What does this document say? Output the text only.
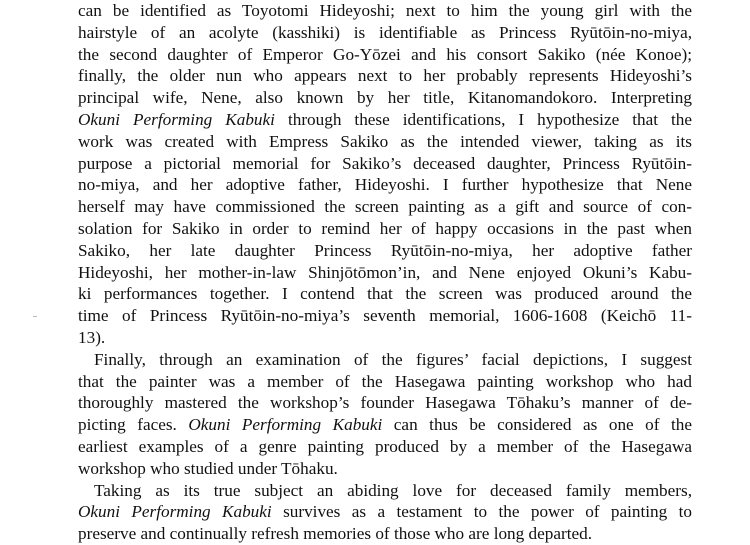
can be identified as Toyotomi Hideyoshi; next to him the young girl with the
hairstyle of an acolyte (kasshiki) is identifiable as Princess Ryūtōin-no-miya,
the second daughter of Emperor Go-Yōzei and his consort Sakiko (née Konoe);
finally, the older nun who appears next to her probably represents Hideyoshi’s
principal wife, Nene, also known by her title, Kitanomandokoro. Interpreting
Okuni Performing Kabuki through these identifications, I hypothesize that the
work was created with Empress Sakiko as the intended viewer, taking as its
purpose a pictorial memorial for Sakiko’s deceased daughter, Princess Ryūtōin-
no-miya, and her adoptive father, Hideyoshi. I further hypothesize that Nene
herself may have commissioned the screen painting as a gift and source of con-
solation for Sakiko in order to remind her of happy occasions in the past when
Sakiko, her late daughter Princess Ryūtōin-no-miya, her adoptive father
Hideyoshi, her mother-in-law Shinjōtōmon’in, and Nene enjoyed Okuni’s Kabu-
ki performances together. I contend that the screen was produced around the
time of Princess Ryūtōin-no-miya’s seventh memorial, 1606-1608 (Keichō 11-
13).
Finally, through an examination of the figures’ facial depictions, I suggest
that the painter was a member of the Hasegawa painting workshop who had
thoroughly mastered the workshop’s founder Hasegawa Tōhaku’s manner of de-
picting faces. Okuni Performing Kabuki can thus be considered as one of the
earliest examples of a genre painting produced by a member of the Hasegawa
workshop who studied under Tōhaku.
Taking as its true subject an abiding love for deceased family members,
Okuni Performing Kabuki survives as a testament to the power of painting to
preserve and continually refresh memories of those who are long departed.
